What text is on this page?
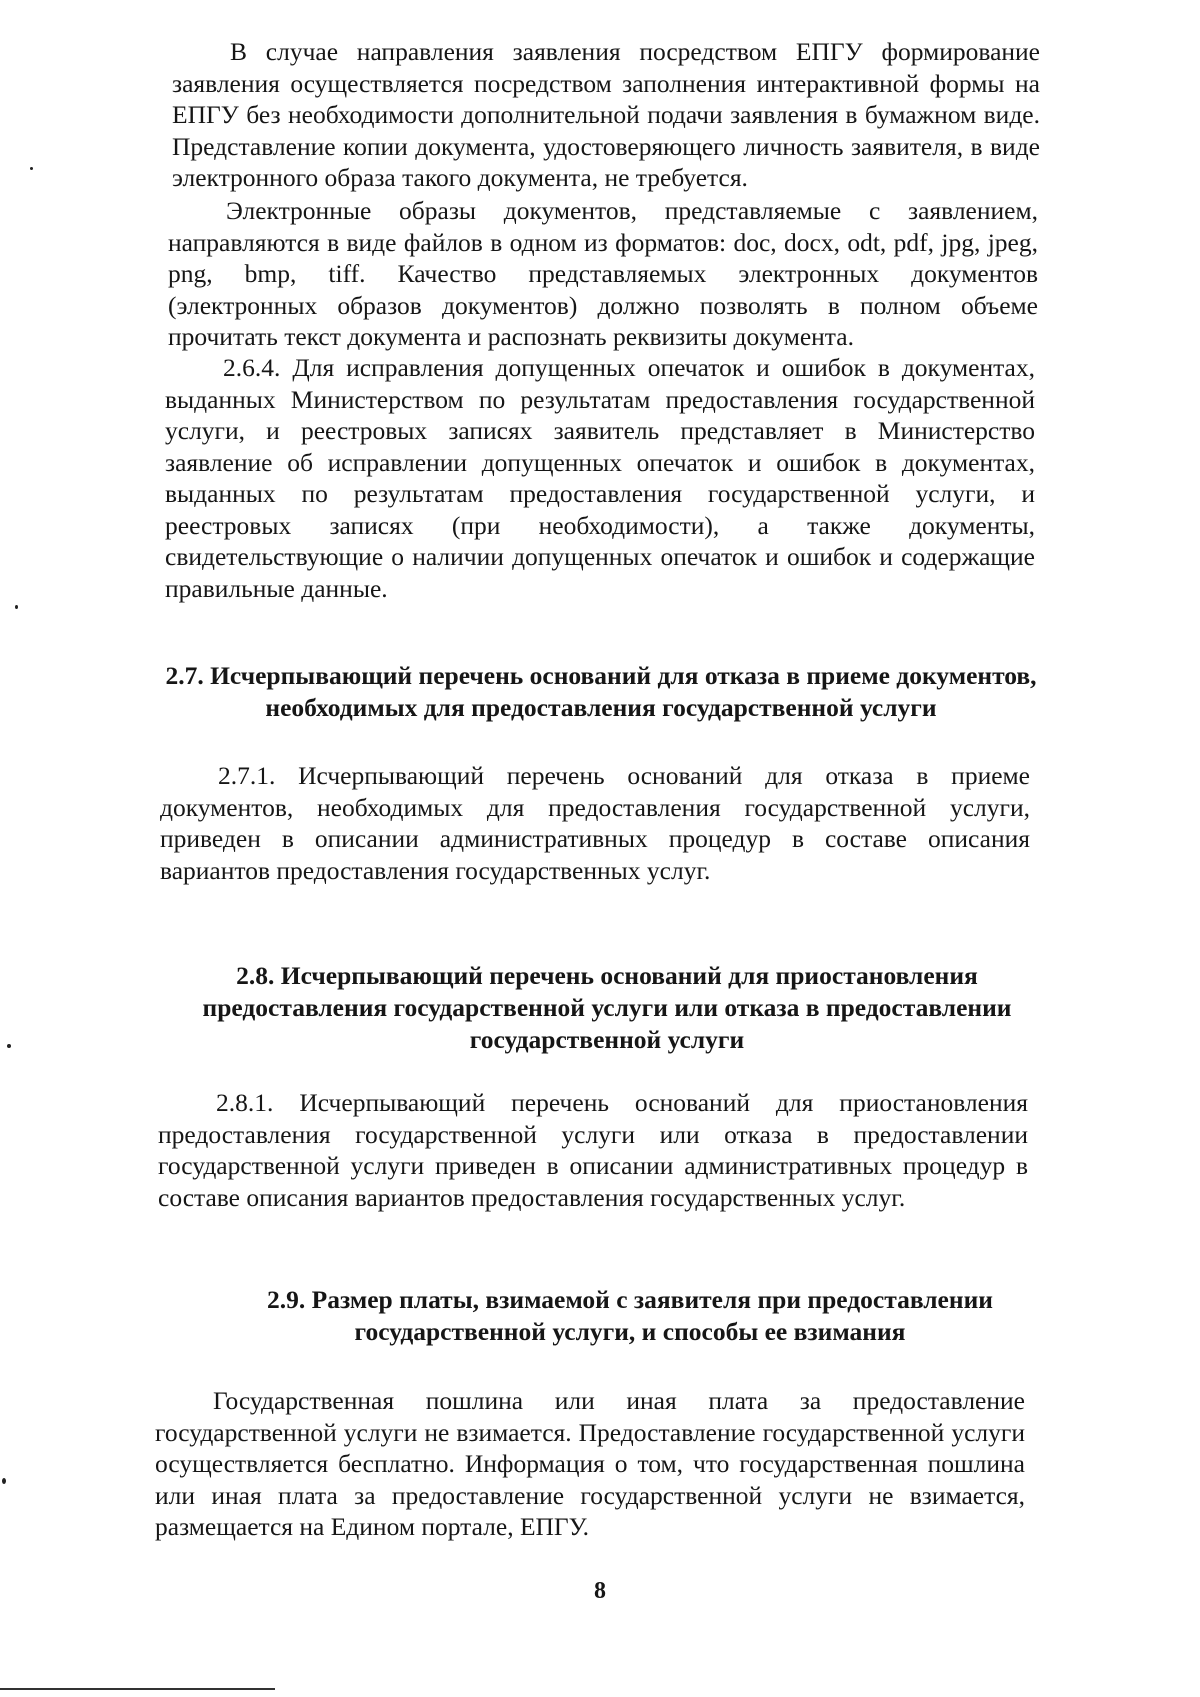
В случае направления заявления посредством ЕПГУ формирование заявления осуществляется посредством заполнения интерактивной формы на ЕПГУ без необходимости дополнительной подачи заявления в бумажном виде. Представление копии документа, удостоверяющего личность заявителя, в виде электронного образа такого документа, не требуется.

Электронные образы документов, представляемые с заявлением, направляются в виде файлов в одном из форматов: doc, docx, odt, pdf, jpg, jpeg, png, bmp, tiff. Качество представляемых электронных документов (электронных образов документов) должно позволять в полном объеме прочитать текст документа и распознать реквизиты документа.

2.6.4. Для исправления допущенных опечаток и ошибок в документах, выданных Министерством по результатам предоставления государственной услуги, и реестровых записях заявитель представляет в Министерство заявление об исправлении допущенных опечаток и ошибок в документах, выданных по результатам предоставления государственной услуги, и реестровых записях (при необходимости), а также документы, свидетельствующие о наличии допущенных опечаток и ошибок и содержащие правильные данные.

2.7. Исчерпывающий перечень оснований для отказа в приеме документов, необходимых для предоставления государственной услуги

2.7.1. Исчерпывающий перечень оснований для отказа в приеме документов, необходимых для предоставления государственной услуги, приведен в описании административных процедур в составе описания вариантов предоставления государственных услуг.

2.8. Исчерпывающий перечень оснований для приостановления предоставления государственной услуги или отказа в предоставлении государственной услуги

2.8.1. Исчерпывающий перечень оснований для приостановления предоставления государственной услуги или отказа в предоставлении государственной услуги приведен в описании административных процедур в составе описания вариантов предоставления государственных услуг.

2.9. Размер платы, взимаемой с заявителя при предоставлении государственной услуги, и способы ее взимания

Государственная пошлина или иная плата за предоставление государственной услуги не взимается. Предоставление государственной услуги осуществляется бесплатно. Информация о том, что государственная пошлина или иная плата за предоставление государственной услуги не взимается, размещается на Едином портале, ЕПГУ.

8
